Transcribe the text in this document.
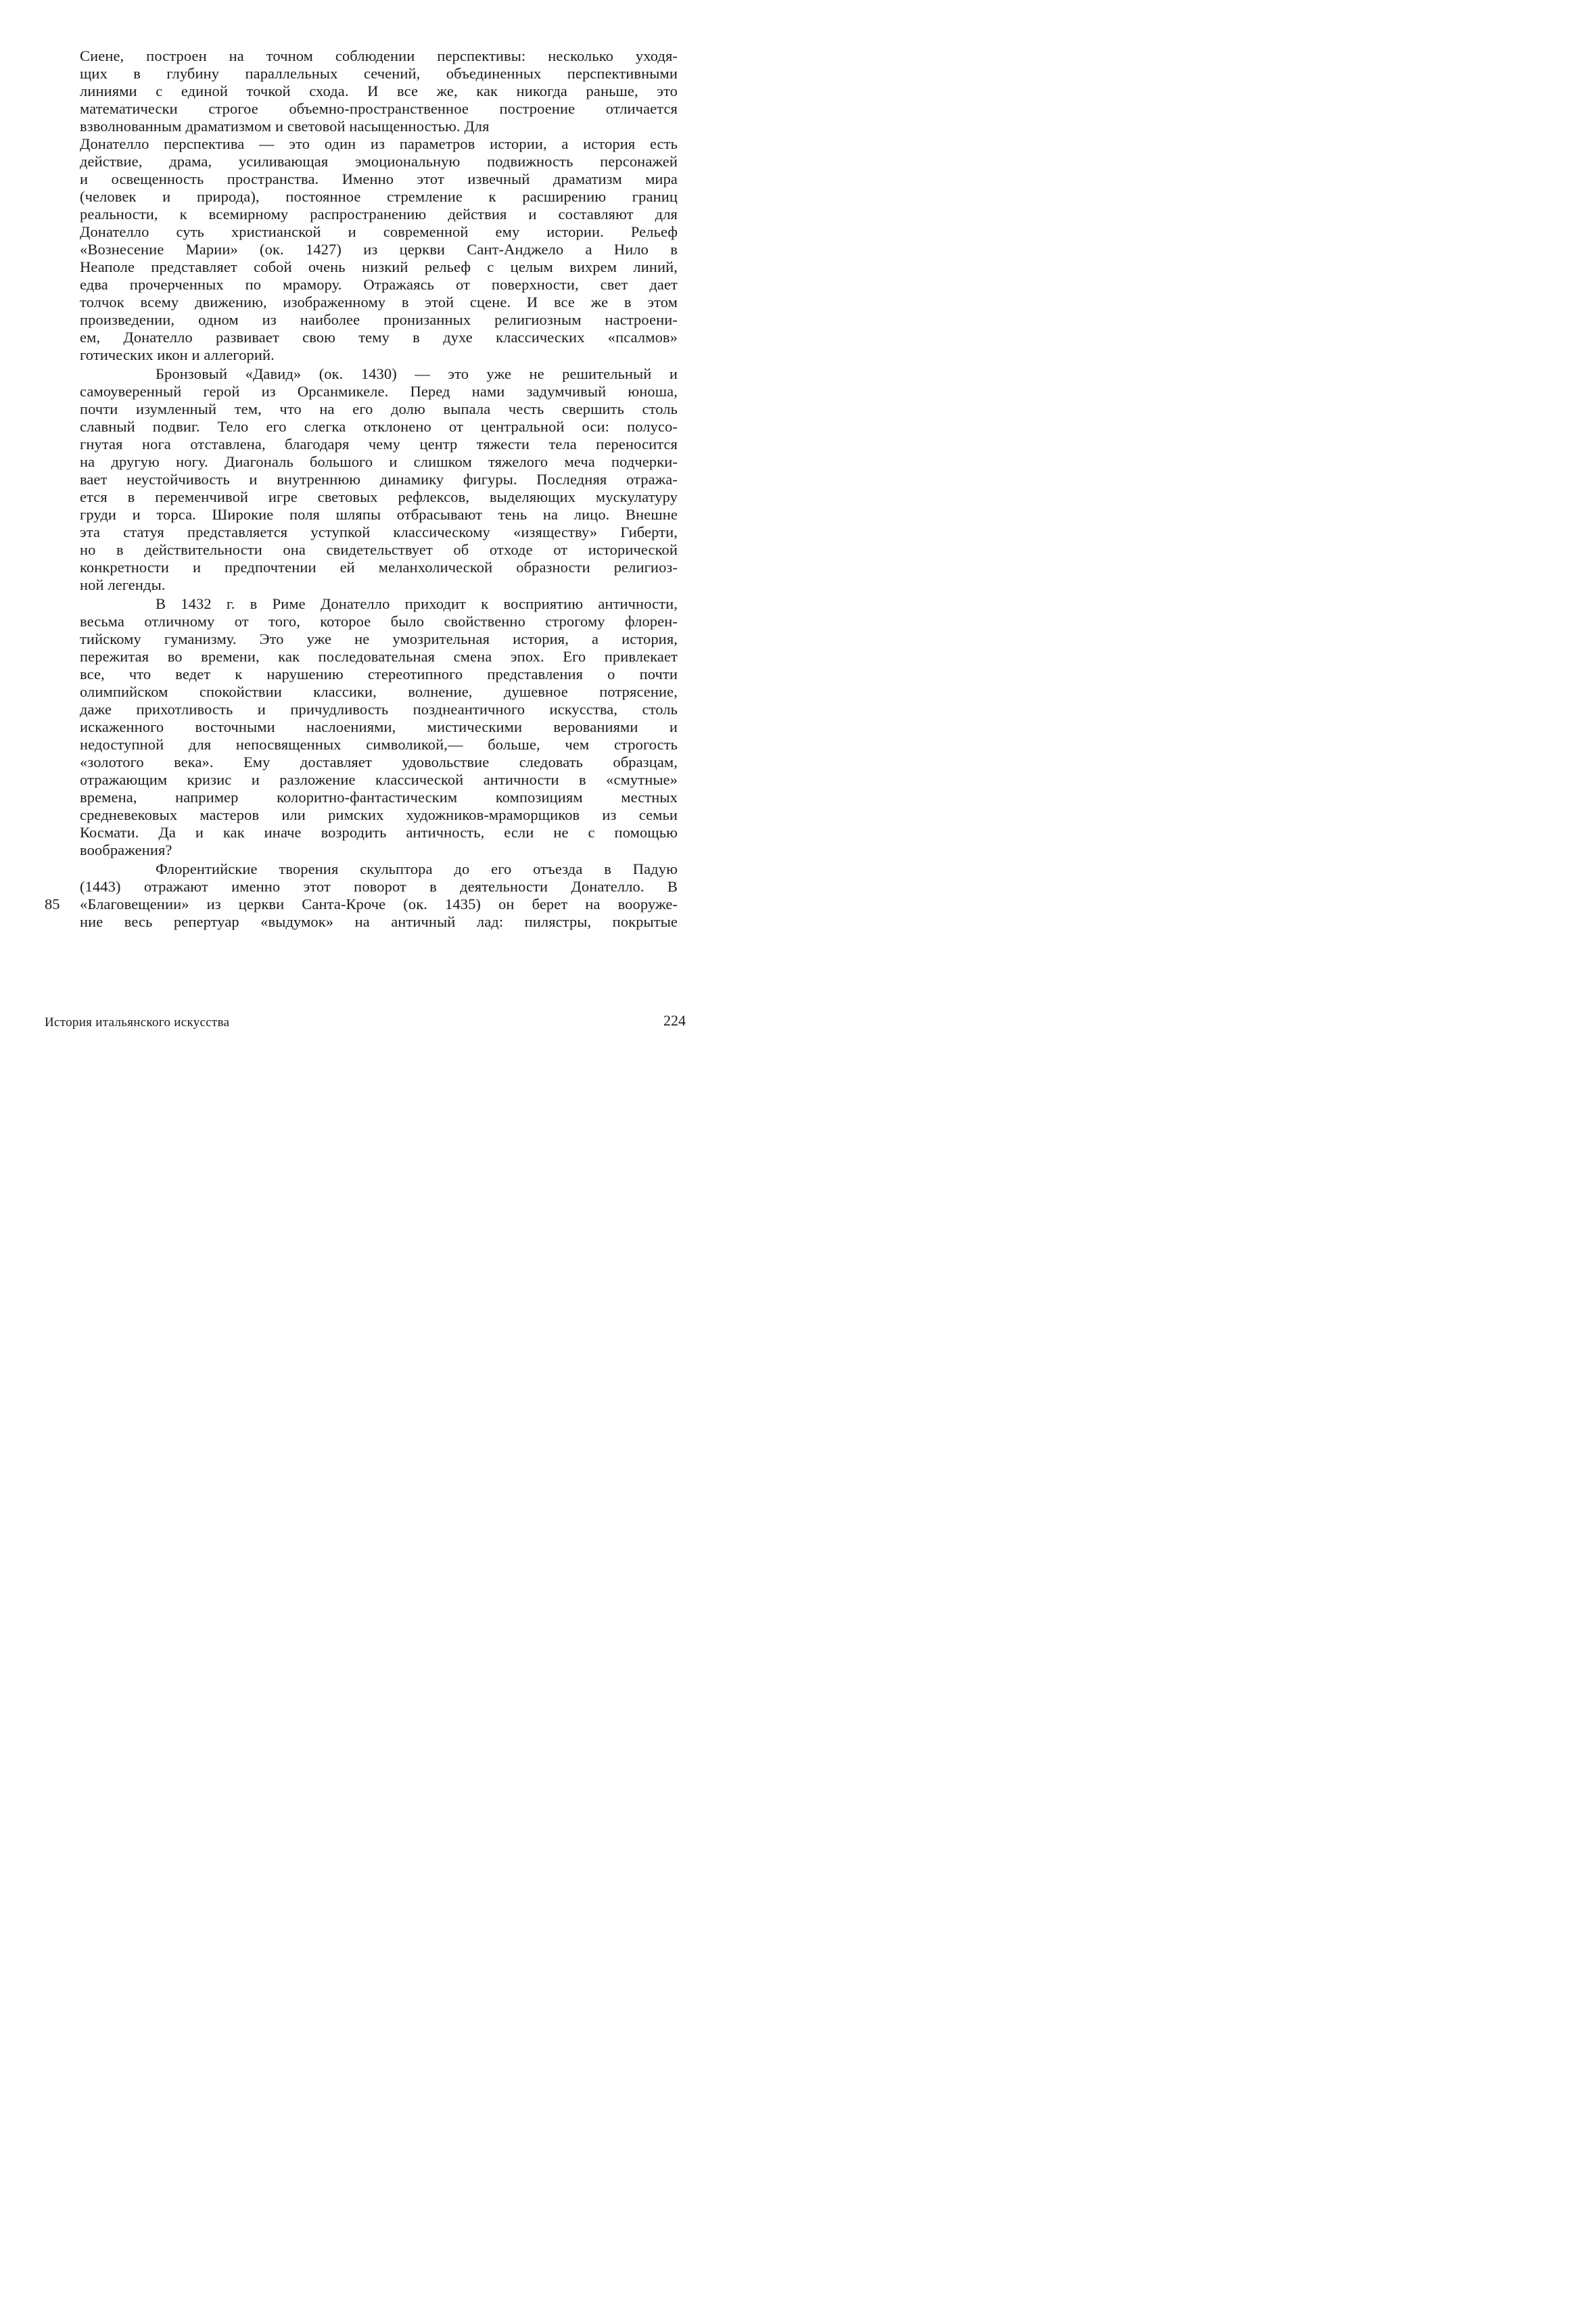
Сиене, построен на точном соблюдении перспективы: несколько уходя-
щих в глубину параллельных сечений, объединенных перспективными
линиями с единой точкой схода. И все же, как никогда раньше, это
математически строгое объемно-пространственное построение отличается
взволнованным драматизмом и световой насыщенностью. Для
Донателло перспектива — это один из параметров истории, а история есть
действие, драма, усиливающая эмоциональную подвижность персонажей
и освещенность пространства. Именно этот извечный драматизм мира
(человек и природа), постоянное стремление к расширению границ
реальности, к всемирному распространению действия и составляют для
Донателло суть христианской и современной ему истории. Рельеф
«Вознесение Марии» (ок. 1427) из церкви Сант-Анджело а Нило в
Неаполе представляет собой очень низкий рельеф с целым вихрем линий,
едва прочерченных по мрамору. Отражаясь от поверхности, свет дает
толчок всему движению, изображенному в этой сцене. И все же в этом
произведении, одном из наиболее пронизанных религиозным настроени-
ем, Донателло развивает свою тему в духе классических «псалмов»
готических икон и аллегорий.
Бронзовый «Давид» (ок. 1430) — это уже не решительный и
самоуверенный герой из Орсанмикеле. Перед нами задумчивый юноша,
почти изумленный тем, что на его долю выпала честь свершить столь
славный подвиг. Тело его слегка отклонено от центральной оси: полусо-
гнутая нога отставлена, благодаря чему центр тяжести тела переносится
на другую ногу. Диагональ большого и слишком тяжелого меча подчерки-
вает неустойчивость и внутреннюю динамику фигуры. Последняя отража-
ется в переменчивой игре световых рефлексов, выделяющих мускулатуру
груди и торса. Широкие поля шляпы отбрасывают тень на лицо. Внешне
эта статуя представляется уступкой классическому «изяществу» Гиберти,
но в действительности она свидетельствует об отходе от исторической
конкретности и предпочтении ей меланхолической образности религиоз-
ной легенды.
В 1432 г. в Риме Донателло приходит к восприятию античности,
весьма отличному от того, которое было свойственно строгому флорен-
тийскому гуманизму. Это уже не умозрительная история, а история,
пережитая во времени, как последовательная смена эпох. Его привлекает
все, что ведет к нарушению стереотипного представления о почти
олимпийском спокойствии классики, волнение, душевное потрясение,
даже прихотливость и причудливость позднеантичного искусства, столь
искаженного восточными наслоениями, мистическими верованиями и
недоступной для непосвященных символикой,— больше, чем строгость
«золотого века». Ему доставляет удовольствие следовать образцам,
отражающим кризис и разложение классической античности в «смутные»
времена, например колоритно-фантастическим композициям местных
средневековых мастеров или римских художников-мраморщиков из семьи
Космати. Да и как иначе возродить античность, если не с помощью
воображения?
Флорентийские творения скульптора до его отъезда в Падую
(1443) отражают именно этот поворот в деятельности Донателло. В
«Благовещении» из церкви Санта-Кроче (ок. 1435) он берет на вооруже-
ние весь репертуар «выдумок» на античный лад: пилястры, покрытые
85
История итальянского искусства	224
